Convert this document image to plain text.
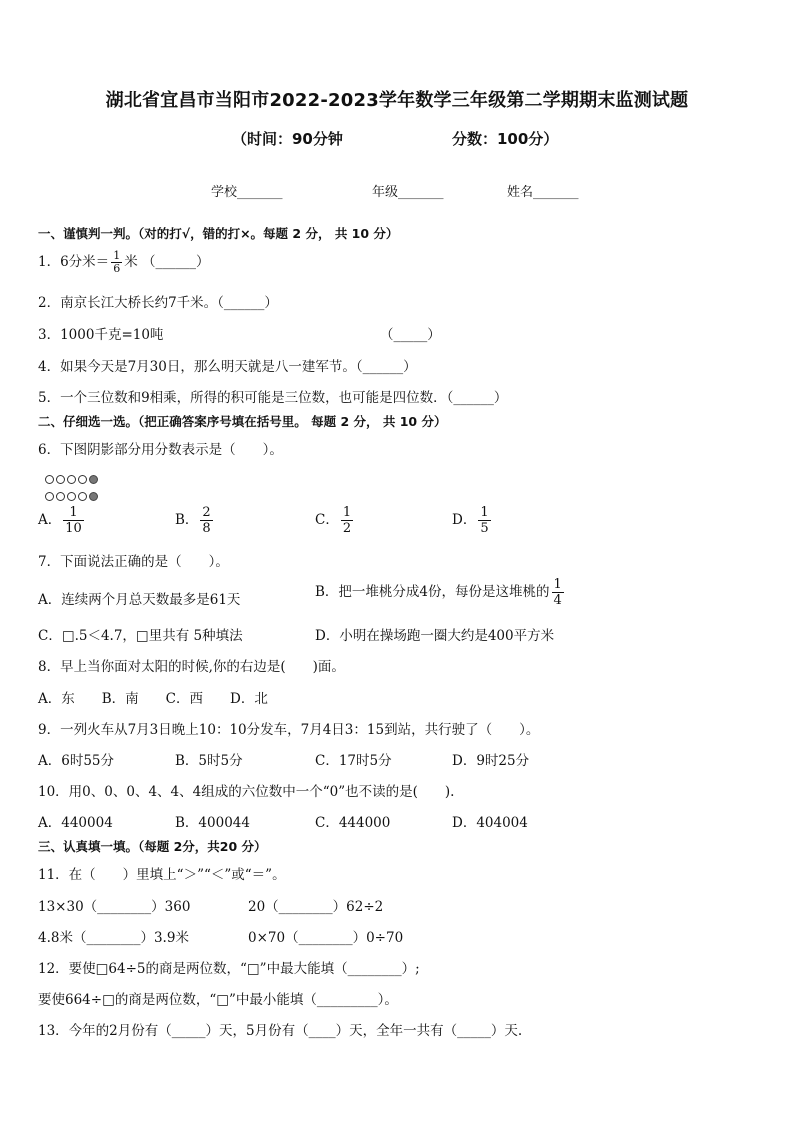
湖北省宜昌市当阳市2022-2023学年数学三年级第二学期期末监测试题
（时间：90分钟	分数：100分）
学校_______	年级_______	姓名_______
一、谨慎判一判。（对的打√，错的打×。每题 2 分， 共 10 分）
1．6分米＝ $\frac{1}{6}$ 米 （______）
2．南京长江大桥长约7千米。（______）
3．1000千克=10吨	（_____）
4．如果今天是7月30日，那么明天就是八一建军节。（______）
5．一个三位数和9相乘，所得的积可能是三位数，也可能是四位数．（______）
二、仔细选一选。（把正确答案序号填在括号里。 每题 2 分， 共 10 分）
6．下图阴影部分用分数表示是（　　）。
A． $\frac{1}{10}$	B． $\frac{2}{8}$	C． $\frac{1}{2}$	D． $\frac{1}{5}$
7．下面说法正确的是（　　）。
A．连续两个月总天数最多是61天	B．把一堆桃分成4份，每份是这堆桃的 $\frac{1}{4}$
C．□.5＜4.7，□里共有 5种填法	D．小明在操场跑一圈大约是400平方米
8．早上当你面对太阳的时候,你的右边是(　　)面。
A．东　　B．南　　C．西　　D．北
9．一列火车从7月3日晚上10：10分发车，7月4日3：15到站，共行驶了（　　）。
A．6时55分	B．5时5分	C．17时5分	D．9时25分
10．用0、0、0、4、4、4组成的六位数中一个“0”也不读的是(　　).
A．440004	B．400044	C．444000	D．404004
三、认真填一填。（每题 2分，共20 分）
11．在（　　）里填上“＞”“＜”或“＝”。
13×30（________）360	20（________）62÷2
4.8米（________）3.9米	0×70（________）0÷70
12．要使□64÷5的商是两位数，“□”中最大能填（________）;
要使664÷□的商是两位数，“□”中最小能填（_________）。
13．今年的2月份有（_____）天，5月份有（____）天，全年一共有（_____）天.
